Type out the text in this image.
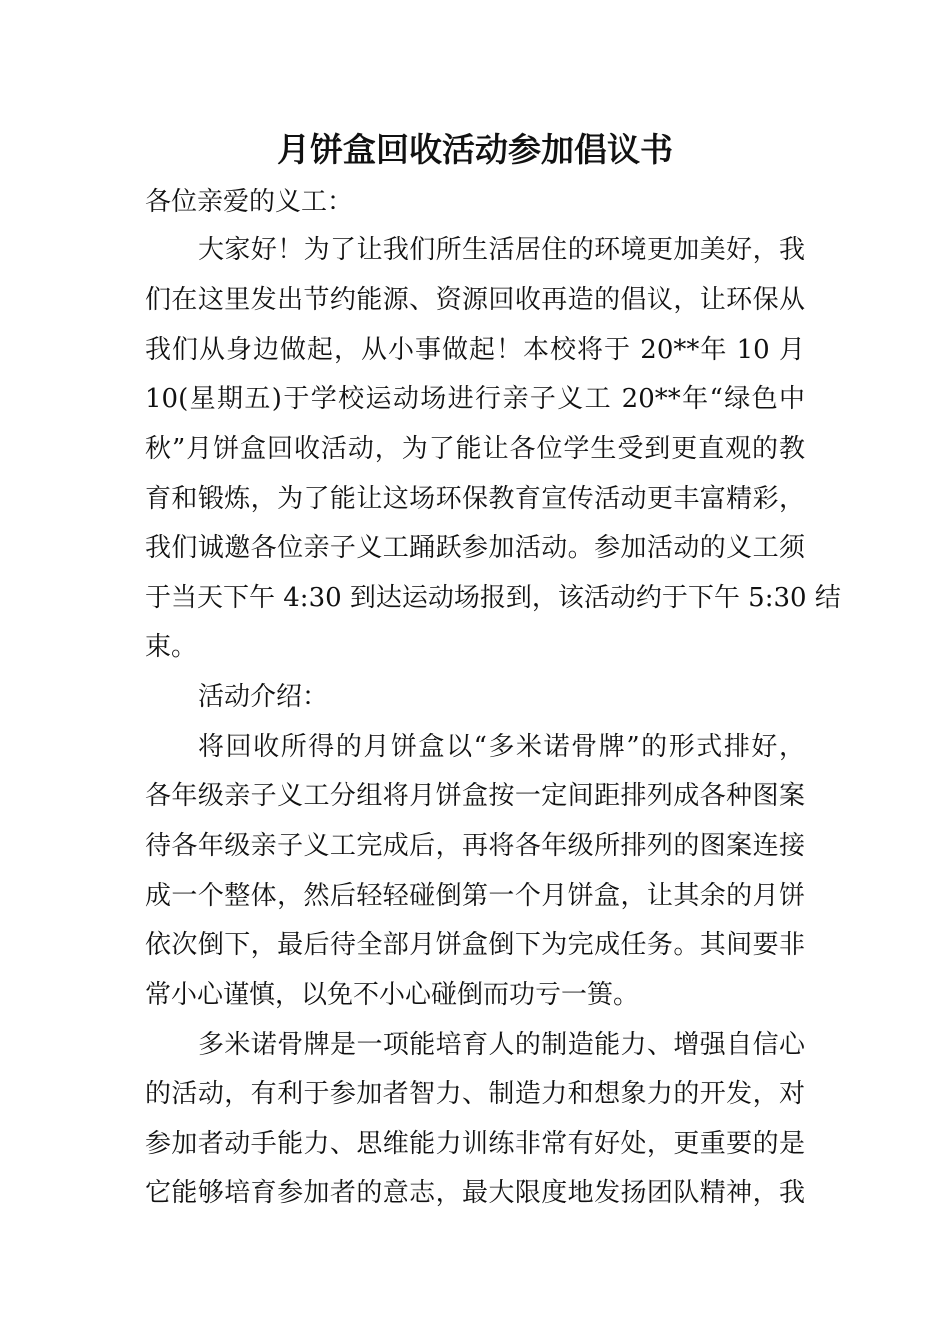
月饼盒回收活动参加倡议书
各位亲爱的义工：
大家好！为了让我们所生活居住的环境更加美好，我
们在这里发出节约能源、资源回收再造的倡议，让环保从
我们从身边做起，从小事做起！本校将于 20**年 10 月
10(星期五)于学校运动场进行亲子义工 20**年“绿色中
秋”月饼盒回收活动，为了能让各位学生受到更直观的教
育和锻炼，为了能让这场环保教育宣传活动更丰富精彩，
我们诚邀各位亲子义工踊跃参加活动。参加活动的义工须
于当天下午 4:30 到达运动场报到，该活动约于下午 5:30 结
束。
活动介绍：
将回收所得的月饼盒以“多米诺骨牌”的形式排好，
各年级亲子义工分组将月饼盒按一定间距排列成各种图案
待各年级亲子义工完成后，再将各年级所排列的图案连接
成一个整体，然后轻轻碰倒第一个月饼盒，让其余的月饼
依次倒下，最后待全部月饼盒倒下为完成任务。其间要非
常小心谨慎，以免不小心碰倒而功亏一篑。
多米诺骨牌是一项能培育人的制造能力、增强自信心
的活动，有利于参加者智力、制造力和想象力的开发，对
参加者动手能力、思维能力训练非常有好处，更重要的是
它能够培育参加者的意志，最大限度地发扬团队精神，我
